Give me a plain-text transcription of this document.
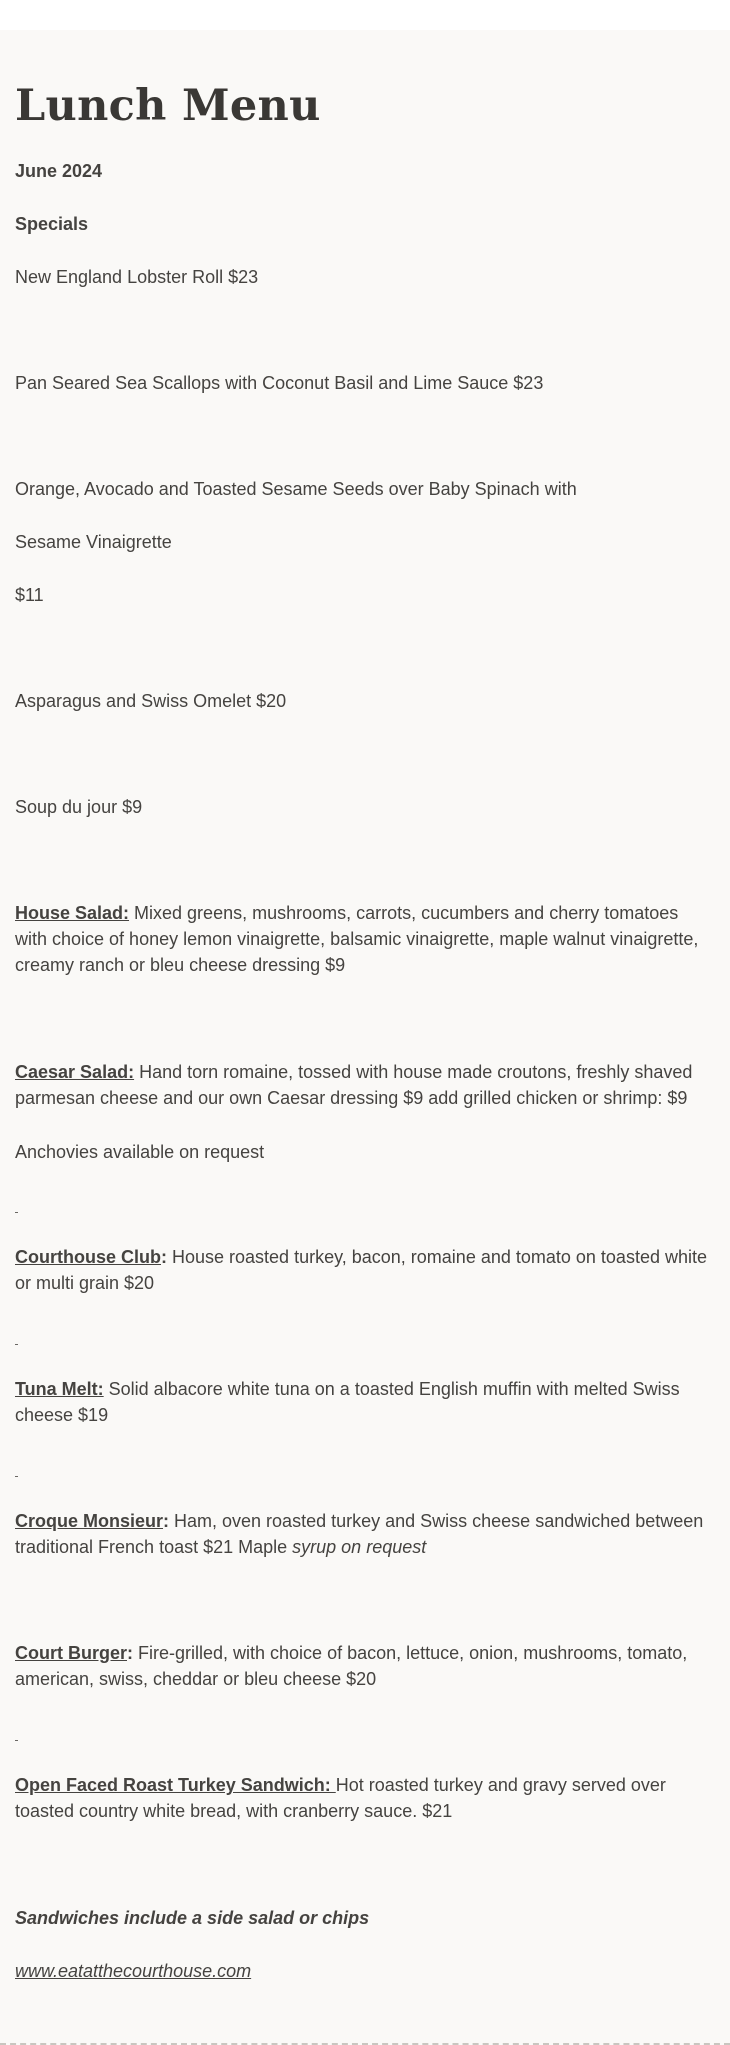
Lunch Menu
June 2024
Specials
New England Lobster Roll $23
Pan Seared Sea Scallops with Coconut Basil and Lime Sauce $23
Orange, Avocado and Toasted Sesame Seeds over Baby Spinach with
Sesame Vinaigrette
$11
Asparagus and Swiss Omelet $20
Soup du jour $9
House Salad: Mixed greens, mushrooms, carrots, cucumbers and cherry tomatoes with choice of honey lemon vinaigrette, balsamic vinaigrette, maple walnut vinaigrette, creamy ranch or bleu cheese dressing $9
Caesar Salad: Hand torn romaine, tossed with house made croutons, freshly shaved parmesan cheese and our own Caesar dressing $9 add grilled chicken or shrimp: $9
Anchovies available on request
Courthouse Club: House roasted turkey, bacon, romaine and tomato on toasted white or multi grain $20
Tuna Melt: Solid albacore white tuna on a toasted English muffin with melted Swiss cheese $19
Croque Monsieur: Ham, oven roasted turkey and Swiss cheese sandwiched between traditional French toast $21 Maple syrup on request
Court Burger: Fire-grilled, with choice of bacon, lettuce, onion, mushrooms, tomato, american, swiss, cheddar or bleu cheese $20
Open Faced Roast Turkey Sandwich: Hot roasted turkey and gravy served over toasted country white bread, with cranberry sauce. $21
Sandwiches include a side salad or chips
www.eatatthecourthouse.com
